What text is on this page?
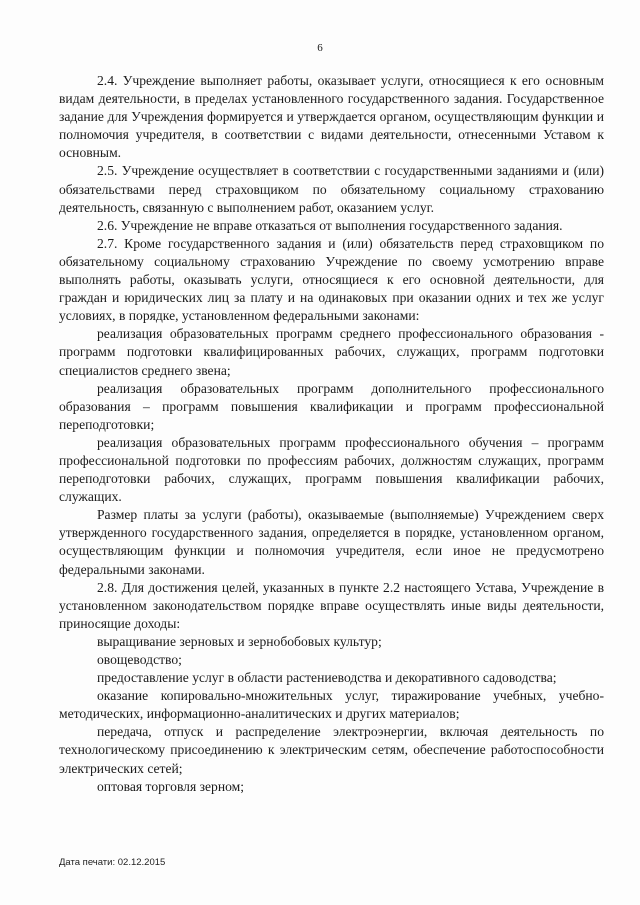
6

2.4. Учреждение выполняет работы, оказывает услуги, относящиеся к его основным видам деятельности, в пределах установленного государственного задания. Государственное задание для Учреждения формируется и утверждается органом, осуществляющим функции и полномочия учредителя, в соответствии с видами деятельности, отнесенными Уставом к основным.

2.5. Учреждение осуществляет в соответствии с государственными заданиями и (или) обязательствами перед страховщиком по обязательному социальному страхованию деятельность, связанную с выполнением работ, оказанием услуг.

2.6. Учреждение не вправе отказаться от выполнения государственного задания.

2.7. Кроме государственного задания и (или) обязательств перед страховщиком по обязательному социальному страхованию Учреждение по своему усмотрению вправе выполнять работы, оказывать услуги, относящиеся к его основной деятельности, для граждан и юридических лиц за плату и на одинаковых при оказании одних и тех же услуг условиях, в порядке, установленном федеральными законами:

реализация образовательных программ среднего профессионального образования - программ подготовки квалифицированных рабочих, служащих, программ подготовки специалистов среднего звена;

реализация образовательных программ дополнительного профессионального образования – программ повышения квалификации и программ профессиональной переподготовки;

реализация образовательных программ профессионального обучения – программ профессиональной подготовки по профессиям рабочих, должностям служащих, программ переподготовки рабочих, служащих, программ повышения квалификации рабочих, служащих.

Размер платы за услуги (работы), оказываемые (выполняемые) Учреждением сверх утвержденного государственного задания, определяется в порядке, установленном органом, осуществляющим функции и полномочия учредителя, если иное не предусмотрено федеральными законами.

2.8. Для достижения целей, указанных в пункте 2.2 настоящего Устава, Учреждение в установленном законодательством порядке вправе осуществлять иные виды деятельности, приносящие доходы:

выращивание зерновых и зернобобовых культур;

овощеводство;

предоставление услуг в области растениеводства и декоративного садоводства;

оказание копировально-множительных услуг, тиражирование учебных, учебно-методических, информационно-аналитических и других материалов;

передача, отпуск и распределение электроэнергии, включая деятельность по технологическому присоединению к электрическим сетям, обеспечение работоспособности электрических сетей;

оптовая торговля зерном;

Дата печати: 02.12.2015
